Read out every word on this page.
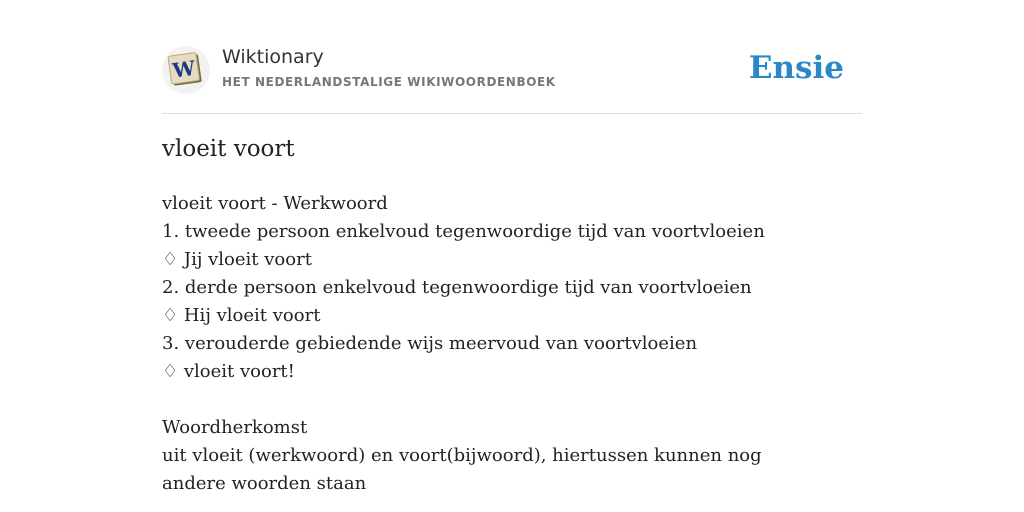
W Wiktionary
HET NEDERLANDSTALIGE WIKIWOORDENBOEK	Ensie
vloeit voort
vloeit voort - Werkwoord
1. tweede persoon enkelvoud tegenwoordige tijd van voortvloeien
♢ Jij vloeit voort
2. derde persoon enkelvoud tegenwoordige tijd van voortvloeien
♢ Hij vloeit voort
3. verouderde gebiedende wijs meervoud van voortvloeien
♢ vloeit voort!
Woordherkomst
uit vloeit (werkwoord) en voort(bijwoord), hiertussen kunnen nog andere woorden staan
